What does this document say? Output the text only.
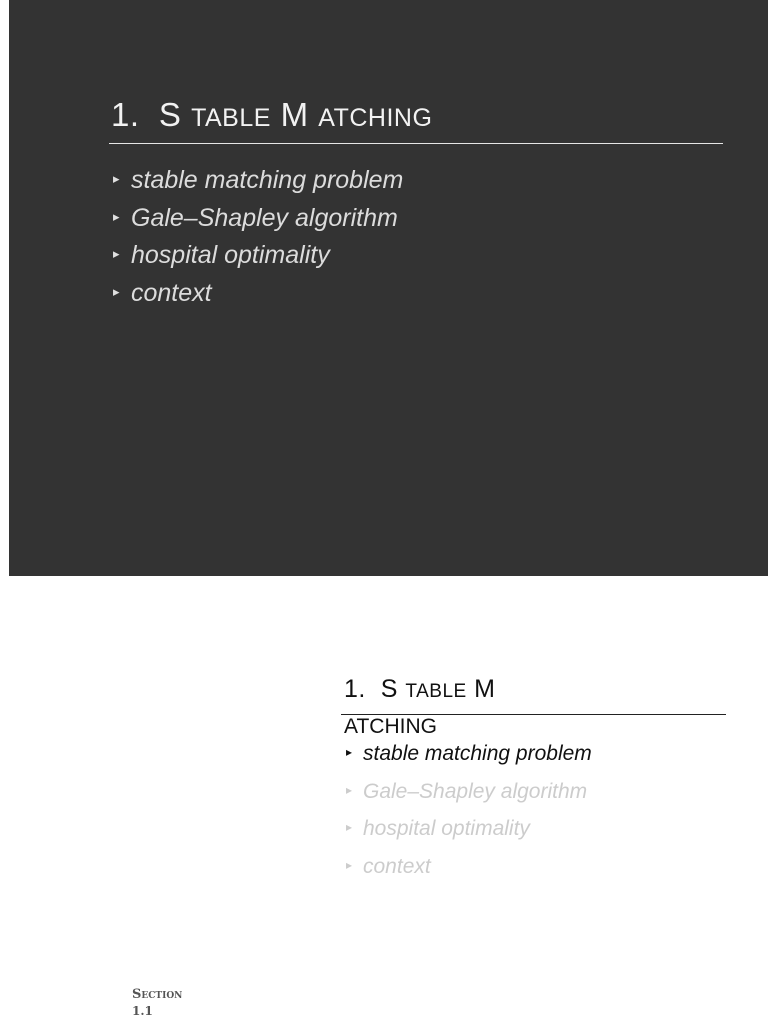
1. S TABLE M ATCHING
▸ stable matching problem
▸ Gale–Shapley algorithm
▸ hospital optimality
▸ context
1. S TABLE M
ATCHING
▸ stable matching problem
▸ Gale–Shapley algorithm
▸ hospital optimality
▸ context
Section
1.1
